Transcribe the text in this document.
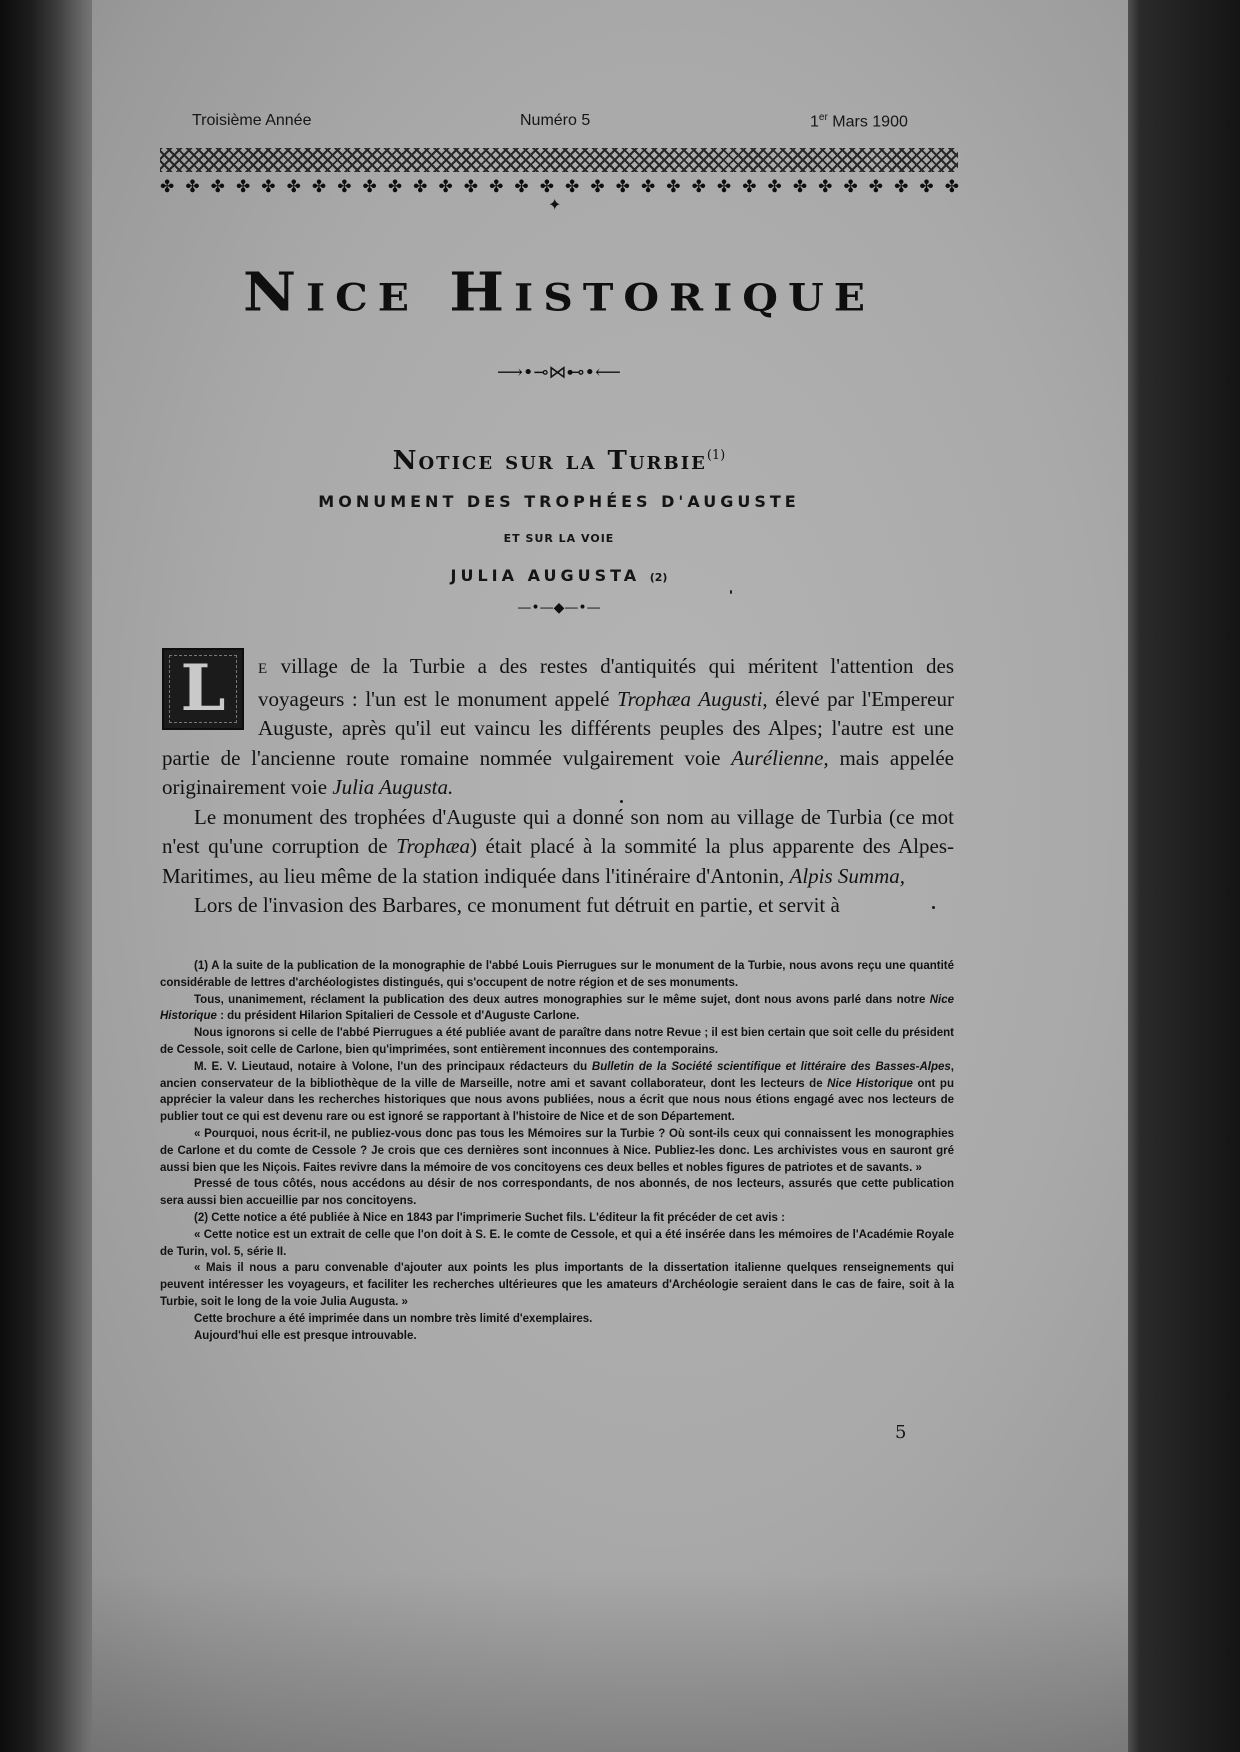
Troisième Année	Numéro 5	1er Mars 1900
✤ ✤ ✤ ✤ ✤ ✤ ✤ ✤ ✤ ✤ ✤ ✤ ✤ ✤ ✤ ✤ ✤ ✤ ✤ ✤ ✤ ✤ ✤ ✤ ✤ ✤ ✤ ✤ ✤ ✤ ✤ ✤
✦
Nice Historique
⟶•⊸⋈⊷•⟵
Notice sur la Turbie$^{(1)}$
MONUMENT DES TROPHÉES D'AUGUSTE
ET SUR LA VOIE
JULIA AUGUSTA (2)
—•—◆—•—

L E village de la Turbie a des restes d'antiquités qui méritent l'attention des voyageurs : l'un est le monument appelé Trophæa Augusti, élevé par l'Empereur Auguste, après qu'il eut vaincu les différents peuples des Alpes; l'autre est une partie de l'ancienne route romaine nommée vulgairement voie Aurélienne, mais appelée originairement voie Julia Augusta.

Le monument des trophées d'Auguste qui a donné son nom au village de Turbia (ce mot n'est qu'une corruption de Trophæa) était placé à la sommité la plus apparente des Alpes-Maritimes, au lieu même de la station indiquée dans l'itinéraire d'Antonin, Alpis Summa,

Lors de l'invasion des Barbares, ce monument fut détruit en partie, et servit à

(1) A la suite de la publication de la monographie de l'abbé Louis Pierrugues sur le monument de la Turbie, nous avons reçu une quantité considérable de lettres d'archéologistes distingués, qui s'occupent de notre région et de ses monuments.

Tous, unanimement, réclament la publication des deux autres monographies sur le même sujet, dont nous avons parlé dans notre Nice Historique : du président Hilarion Spitalieri de Cessole et d'Auguste Carlone.

Nous ignorons si celle de l'abbé Pierrugues a été publiée avant de paraître dans notre Revue ; il est bien certain que soit celle du président de Cessole, soit celle de Carlone, bien qu'imprimées, sont entièrement inconnues des contemporains.

M. E. V. Lieutaud, notaire à Volone, l'un des principaux rédacteurs du Bulletin de la Société scientifique et littéraire des Basses-Alpes, ancien conservateur de la bibliothèque de la ville de Marseille, notre ami et savant collaborateur, dont les lecteurs de Nice Historique ont pu apprécier la valeur dans les recherches historiques que nous avons publiées, nous a écrit que nous nous étions engagé avec nos lecteurs de publier tout ce qui est devenu rare ou est ignoré se rapportant à l'histoire de Nice et de son Département.

« Pourquoi, nous écrit-il, ne publiez-vous donc pas tous les Mémoires sur la Turbie ? Où sont-ils ceux qui connaissent les monographies de Carlone et du comte de Cessole ? Je crois que ces dernières sont inconnues à Nice. Publiez-les donc. Les archivistes vous en sauront gré aussi bien que les Niçois. Faites revivre dans la mémoire de vos concitoyens ces deux belles et nobles figures de patriotes et de savants. »

Pressé de tous côtés, nous accédons au désir de nos correspondants, de nos abonnés, de nos lecteurs, assurés que cette publication sera aussi bien accueillie par nos concitoyens.

(2) Cette notice a été publiée à Nice en 1843 par l'imprimerie Suchet fils. L'éditeur la fit précéder de cet avis :

« Cette notice est un extrait de celle que l'on doit à S. E. le comte de Cessole, et qui a été insérée dans les mémoires de l'Académie Royale de Turin, vol. 5, série II.

« Mais il nous a paru convenable d'ajouter aux points les plus importants de la dissertation italienne quelques renseignements qui peuvent intéresser les voyageurs, et faciliter les recherches ultérieures que les amateurs d'Archéologie seraient dans le cas de faire, soit à la Turbie, soit le long de la voie Julia Augusta. »

Cette brochure a été imprimée dans un nombre très limité d'exemplaires.

Aujourd'hui elle est presque introuvable.

5
